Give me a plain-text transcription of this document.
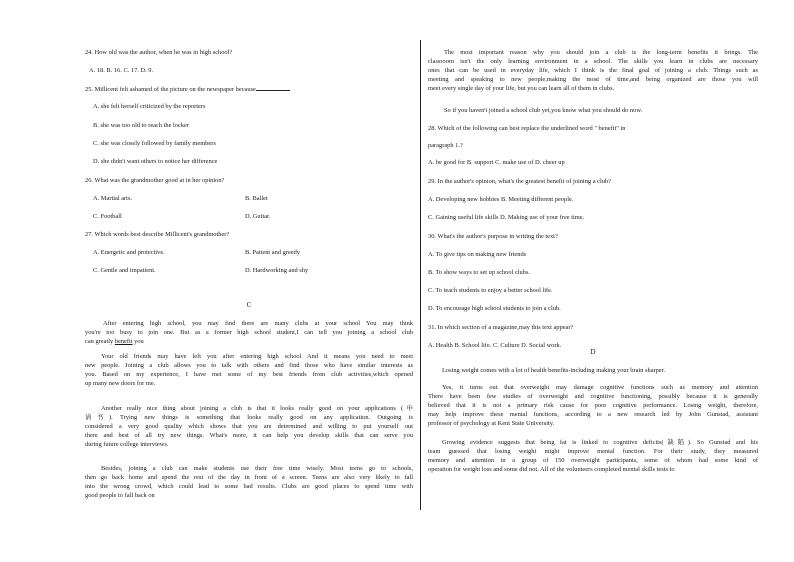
24. How old was the author, when he was in high school?
A. 18. B. 16. C. 17. D. 9.
25. Millicent felt ashamed of the picture on the newspaper because
A. she felt herself criticized by the reporters
B. she was too old to reach the locker
C. she was closely followed by family members
D. she didn't want others to notice her difference
26. What was the grandmother good at in her opinion?
A. Martial arts.	B. Ballet
C. Football	D. Guitar.
27. Which words best describe Millicent's grandmother?
A. Energetic and protective.	B. Patient and greedy
C. Gentle and impatient.	D. Hardworking and shy
C
After entering high school, you may find there are many clubs at your school You may think
you're too busy to join one. But as a former high school student,I can tell you joining a school club
can greatly benefit you
Your old friends may have left you after entering high school And it means you need to meet
new people. Joining a club allows you to talk with others and find those who have similar interests as
you. Based on my experience, I have met some of my best friends from club activities,which opened
up many new doors for me.
Another really nice thing about joining a club is that it looks really good on your applications (申
请书). Trying new things is something that looks really good on any application. Outgoing is
considered a very good quality which shows that you are determined and willing to put yourself out
there and best of all try new things. What's more, it can help you develop skills that can serve you
during future college interviews.
Besides, joining a club can make students use their free time wisely. Most teens go to schools,
then go back home and spend the rest of the day in front of a screen. Teens are also very likely to fall
into the wrong crowd, which could lead to some bad results. Clubs are good places to spend time with
good people to fall back on
The most important reason why you should join a club is the long-term benefits it brings. The
classroom isn't the only learning environment in a school. The skills you learn in clubs are necessary
ones that can be used in everyday life, which I think is the final goal of joining a club. Things such as
meeting and speaking to new people,making the most of time,and being organized are those you will
meet every single day of your life, but you can learn all of them in clubs.
So if you haven't joined a school club yet,you know what you should do now.
28. Which of the following can best replace the underlined word " benefit" in
paragraph 1.?
A. be good for B. support C. make use of D. cheer up
29. In the author's opinion, what's the greatest benefit of joining a club?
A. Developing new hobbies B. Meeting different people.
C. Gaining useful life skills D. Making use of your free time.
30. What's the author's purpose in writing the text?
A. To give tips on making new friends
B. To show ways to set up school clubs.
C. To teach students to enjoy a better school life.
D. To encourage high school students to join a club.
31. In which section of a magazine,may this text appear?
A. Health B. School life. C. Culture D. Social work.
D
Losing weight comes with a lot of health benefits-including making your brain sharper.
Yes, it turns out that overweight may damage cognitive functions such as memory and attention
There have been few studies of overweight and cognitive functioning, possibly because it is generally
believed that it is not a primary risk cause for poor cognitive performance. Losing weight, therefore,
may help improve these mental functions, according to a new research led by John Gunstad, assistant
professor of psychology at Kent State University.
Growing evidence suggests that being fat is linked to cognitive deficits(缺陷). So Gunstad and his
team guessed that losing weight might improve mental function. For their study, they measured
memory and attention in a group of 150 overweight participants, some of whom had some kind of
operation for weight loss and some did not. All of the volunteers completed mental skills tests to
